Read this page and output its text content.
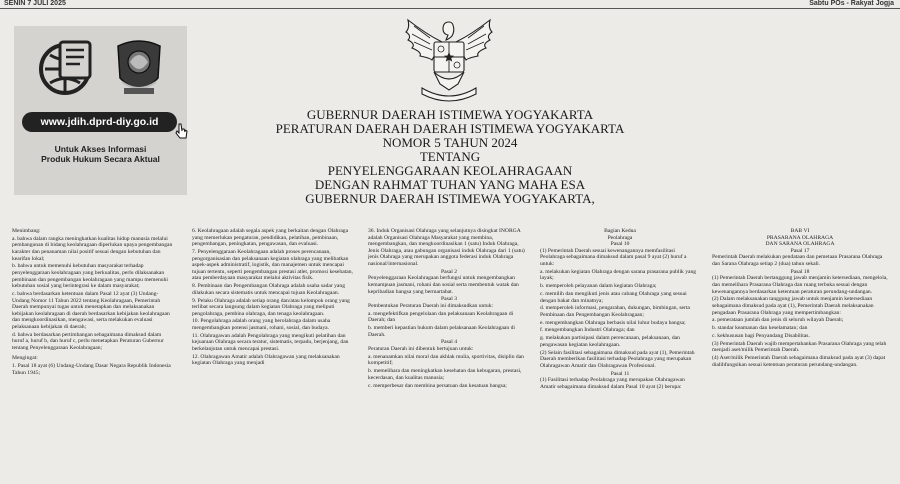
SENIN 7 JULI 2025	Sabtu POs - Rakyat Jogja
www.jdih.dprd-diy.go.id
Untuk Akses Informasi
Produk Hukum Secara Aktual
GUBERNUR DAERAH ISTIMEWA YOGYAKARTA
PERATURAN DAERAH DAERAH ISTIMEWA YOGYAKARTA
NOMOR 5 TAHUN 2024
TENTANG
PENYELENGGARAAN KEOLAHRAGAAN
DENGAN RAHMAT TUHAN YANG MAHA ESA
GUBERNUR DAERAH ISTIMEWA YOGYAKARTA,

Menimbang:

a. bahwa dalam rangka meningkatkan kualitas hidup manusia melalui pembangunan di bidang keolahragaan diperlukan upaya pengembangan karakter dan penanaman nilai positif sesuai dengan kebutuhan dan kearifan lokal;

b. bahwa untuk memenuhi kebutuhan masyarakat terhadap penyelenggaraan keolahragaan yang berkualitas, perlu dilaksanakan pembinaan dan pengembangan keolahragaan yang mampu memenuhi kebutuhan sosial yang berintegrasi ke dalam masyarakat;

c. bahwa berdasarkan ketentuan dalam Pasal 12 ayat (3) Undang-Undang Nomor 11 Tahun 2022 tentang Keolahragaan, Pemerintah Daerah mempunyai tugas untuk menetapkan dan melaksanakan kebijakan keolahragaan di daerah berdasarkan kebijakan keolahragaan dan mengkoordinasikan, mengawasi, serta melakukan evaluasi pelaksanaan kebijakan di daerah;

d. bahwa berdasarkan pertimbangan sebagaimana dimaksud dalam huruf a, huruf b, dan huruf c, perlu menetapkan Peraturan Gubernur tentang Penyelenggaraan Keolahragaan;

Mengingat:

1. Pasal 18 ayat (6) Undang-Undang Dasar Negara Republik Indonesia Tahun 1945;

6. Keolahragaan adalah segala aspek yang berkaitan dengan Olahraga yang memerlukan pengaturan, pendidikan, pelatihan, pembinaan, pengembangan, peningkatan, pengawasan, dan evaluasi.

7. Penyelenggaraan Keolahragaan adalah proses perencanaan, pengorganisasian dan pelaksanaan kegiatan olahraga yang melibatkan aspek-aspek administratif, logistik, dan manajemen untuk mencapai tujuan tertentu, seperti pengembangan prestasi atlet, promosi kesehatan, atau pemberdayaan masyarakat melalui aktivitas fisik.

8. Pembinaan dan Pengembangan Olahraga adalah usaha sadar yang dilakukan secara sistematis untuk mencapai tujuan Keolahragaan.

9. Pelaku Olahraga adalah setiap orang dan/atau kelompok orang yang terlibat secara langsung dalam kegiatan Olahraga yang meliputi pengolahraga, pembina olahraga, dan tenaga keolahragaan.

10. Pengolahraga adalah orang yang berolahraga dalam usaha mengembangkan potensi jasmani, rohani, sosial, dan budaya.

11. Olahragawan adalah Pengolahraga yang mengikuti pelatihan dan kejuaraan Olahraga secara teratur, sistematis, terpadu, berjenjang, dan berkelanjutan untuk mencapai prestasi.

12. Olahragawan Amatir adalah Olahragawan yang melaksanakan kegiatan Olahraga yang menjadi

36. Induk Organisasi Olahraga yang selanjutnya disingkat INORGA adalah Organisasi Olahraga Masyarakat yang membina, mengembangkan, dan mengkoordinasikan 1 (satu) Induk Olahraga, Jenis Olahraga, atau gabungan organisasi induk Olahraga dari 1 (satu) jenis Olahraga yang merupakan anggota federasi induk Olahraga nasional/internasional.

Pasal 2

Penyelenggaraan Keolahragaan berfungsi untuk mengembangkan kemampuan jasmani, rohani dan sosial serta membentuk watak dan kepribadian bangsa yang bermartabat.

Pasal 3

Pembentukan Peraturan Daerah ini dimaksudkan untuk:

a. mengefektifkan pengelolaan dan pelaksanaan Keolahragaan di Daerah; dan

b. memberi kepastian hukum dalam pelaksanaan Keolahragaan di Daerah.

Pasal 4

Peraturan Daerah ini dibentuk bertujuan untuk:

a. menanamkan nilai moral dan akhlak mulia, sportivitas, disiplin dan kompetitif;

b. memelihara dan meningkatkan kesehatan dan kebugaran, prestasi, kecerdasan, dan kualitas manusia;

c. memperbesar dan membina persatuan dan kesatuan bangsa;

Bagian Kedua

Peolahraga

Pasal 10

(1) Pemerintah Daerah sesuai kewenangannya memfasilitasi Peolahraga sebagaimana dimaksud dalam pasal 9 ayat (2) huruf a untuk:

a. melakukan kegiatan Olahraga dengan sarana prasarana publik yang layak;

b. memperoleh pelayanan dalam kegiatan Olahraga;

c. memilih dan mengikuti jenis atau cabang Olahraga yang sesuai dengan bakat dan minatnya;

d. memperoleh informasi, pengarahan, dukungan, bimbingan, serta Pembinaan dan Pengembangan Keolahragaan;

e. mengembangkan Olahraga berbasis nilai luhur budaya bangsa;

f. mengembangkan Industri Olahraga; dan

g. melakukan partisipasi dalam perencanaan, pelaksanaan, dan pengawasan kegiatan keolahragaan.

(2) Selain fasilitasi sebagaimana dimaksud pada ayat (1), Pemerintah Daerah memberikan fasilitasi terhadap Peolahraga yang merupakan Olahragawan Amatir dan Olahragawan Profesional.

Pasal 11

(1) Fasilitasi terhadap Peolahraga yang merupakan Olahragawan Amatir sebagaimana dimaksud dalam Pasal 10 ayat (2) berupa:

BAB VI

PRASARANA OLAHRAGA

DAN SARANA OLAHRAGA

Pasal 17

Pemerintah Daerah melakukan pendataan dan pemetaan Prasarana Olahraga dan Sarana Olahraga setiap 2 (dua) tahun sekali.

Pasal 18

(1) Pemerintah Daerah bertanggung jawab menjamin ketersediaan, mengelola, dan memelihara Prasarana Olahraga dan ruang terbuka sesuai dengan kewenangannya berdasarkan ketentuan peraturan perundang-undangan.

(2) Dalam melaksanakan tanggung jawab untuk menjamin ketersediaan sebagaimana dimaksud pada ayat (1), Pemerintah Daerah melaksanakan pengadaan Prasarana Olahraga yang mempertimbangkan:

a. pemerataan jumlah dan jenis di seluruh wilayah Daerah;

b. standar keamanan dan keselamatan; dan

c. kekhususan bagi Penyandang Disabilitas.

(3) Pemerintah Daerah wajib mempertahankan Prasarana Olahraga yang telah menjadi aset/milik Pemerintah Daerah.

(4) Aset/milik Pemerintah Daerah sebagaimana dimaksud pada ayat (3) dapat dialihfungsikan sesuai ketentuan peraturan perundang-undangan.
